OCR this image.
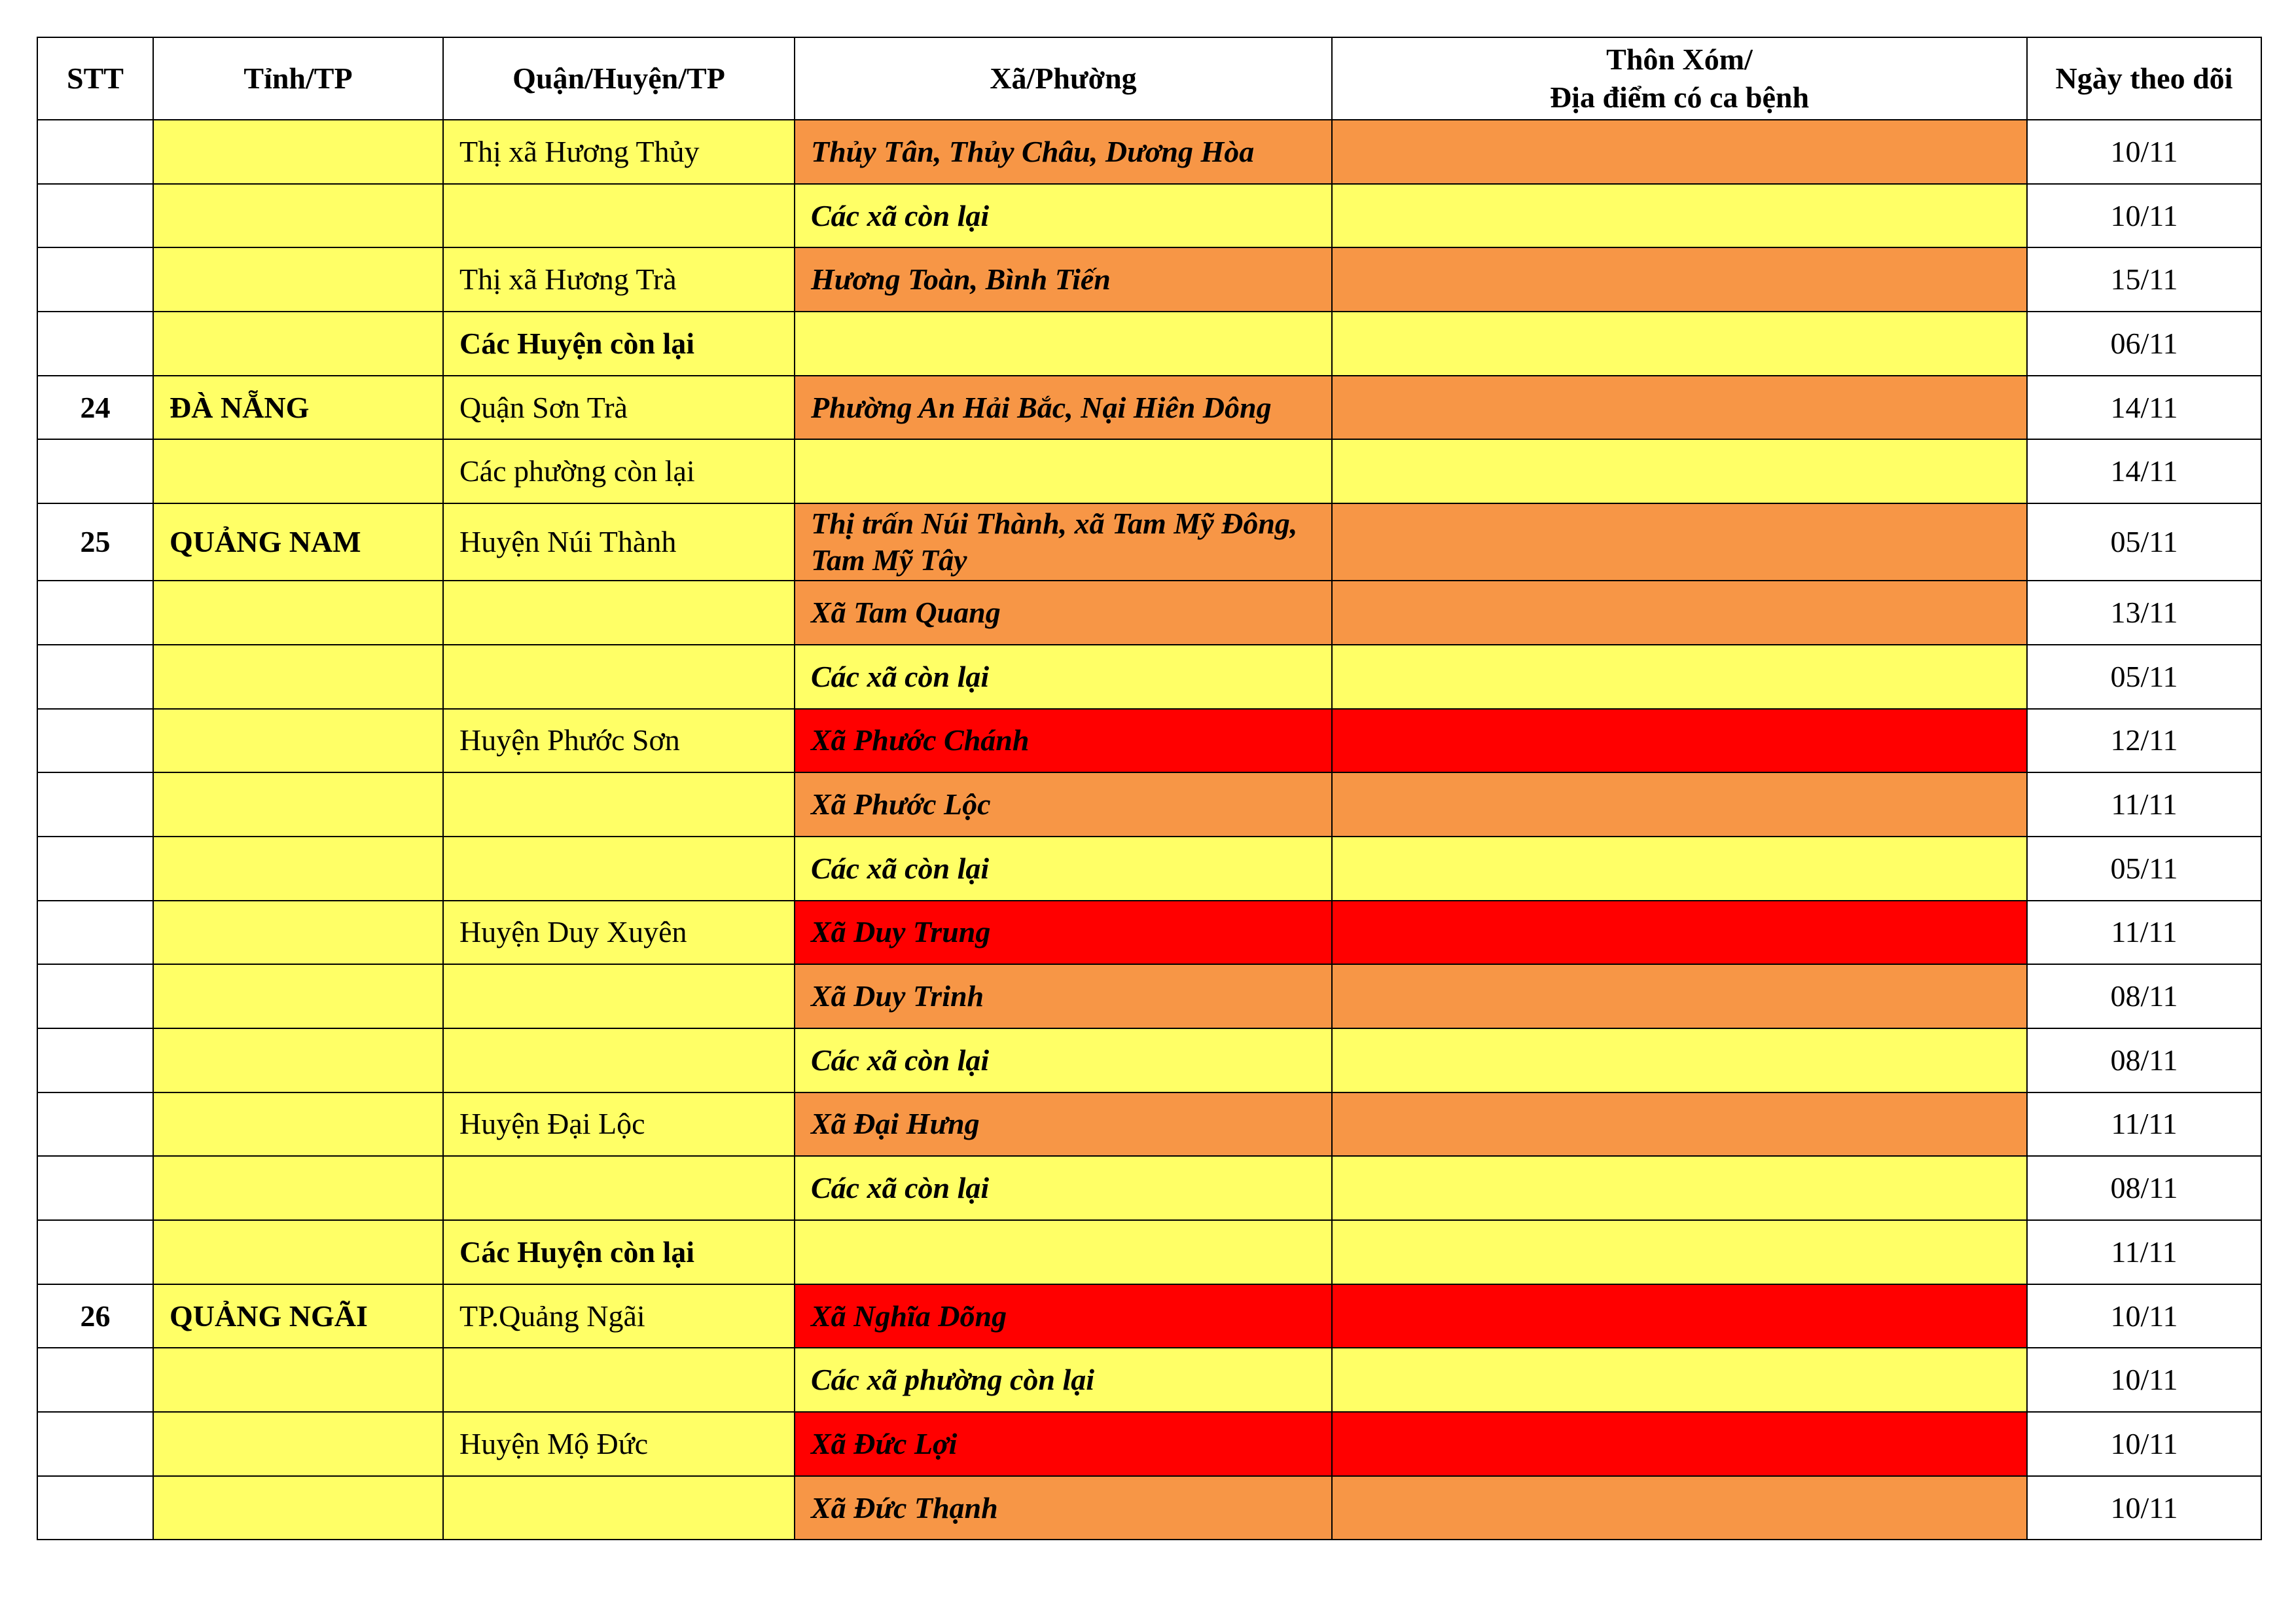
STT	Tỉnh/TP	Quận/Huyện/TP	Xã/Phường	Thôn Xóm/
Địa điểm có ca bệnh	Ngày theo dõi
		Thị xã Hương Thủy	Thủy Tân, Thủy Châu, Dương Hòa		10/11
			Các xã còn lại		10/11
		Thị xã Hương Trà	Hương Toàn, Bình Tiến		15/11
		Các Huyện còn lại			06/11
24	ĐÀ NẴNG	Quận Sơn Trà	Phường An Hải Bắc, Nại Hiên Dông		14/11
		Các phường còn lại			14/11
25	QUẢNG NAM	Huyện Núi Thành	Thị trấn Núi Thành, xã Tam Mỹ Đông, Tam Mỹ Tây		05/11
			Xã Tam Quang		13/11
			Các xã còn lại		05/11
		Huyện Phước Sơn	Xã Phước Chánh		12/11
			Xã Phước Lộc		11/11
			Các xã còn lại		05/11
		Huyện Duy Xuyên	Xã Duy Trung		11/11
			Xã Duy Trinh		08/11
			Các xã còn lại		08/11
		Huyện Đại Lộc	Xã Đại Hưng		11/11
			Các xã còn lại		08/11
		Các Huyện còn lại			11/11
26	QUẢNG NGÃI	TP.Quảng Ngãi	Xã Nghĩa Dõng		10/11
			Các xã phường còn lại		10/11
		Huyện Mộ Đức	Xã Đức Lợi		10/11
			Xã Đức Thạnh		10/11
